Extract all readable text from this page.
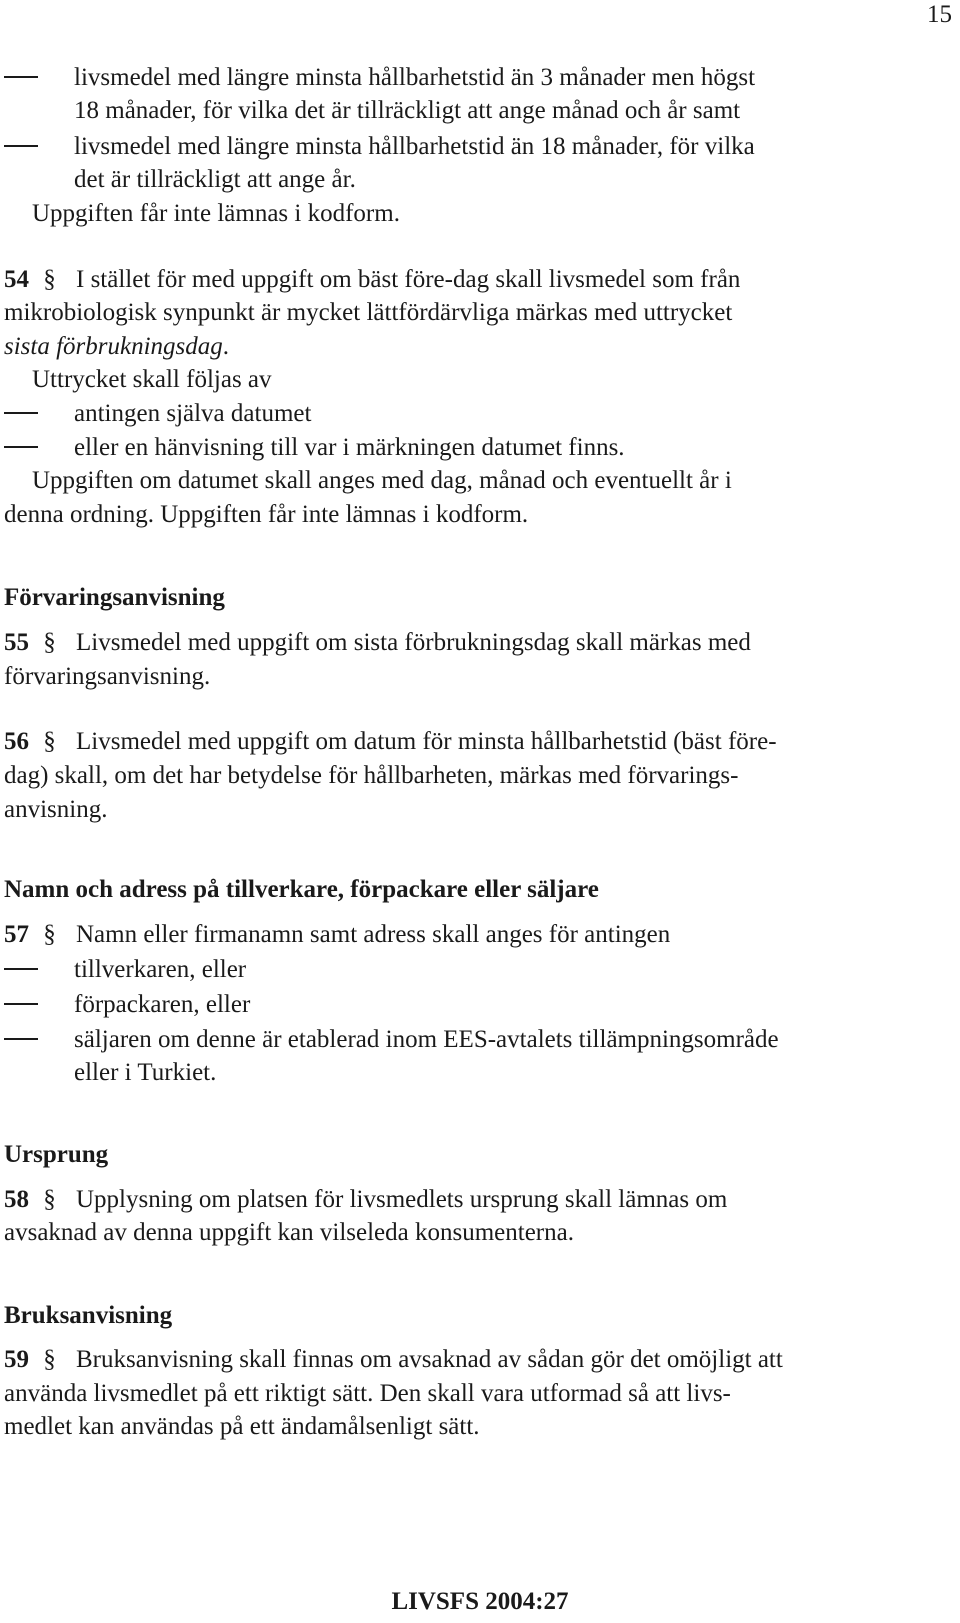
15
livsmedel med längre minsta hållbarhetstid än 3 månader men högst
18 månader, för vilka det är tillräckligt att ange månad och år samt
livsmedel med längre minsta hållbarhetstid än 18 månader, för vilka
det är tillräckligt att ange år.
Uppgiften får inte lämnas i kodform.
54 § I stället för med uppgift om bäst före-dag skall livsmedel som från
mikrobiologisk synpunkt är mycket lättfördärvliga märkas med uttrycket
sista förbrukningsdag.
Uttrycket skall följas av
antingen själva datumet
eller en hänvisning till var i märkningen datumet finns.
Uppgiften om datumet skall anges med dag, månad och eventuellt år i
denna ordning. Uppgiften får inte lämnas i kodform.
Förvaringsanvisning
55 § Livsmedel med uppgift om sista förbrukningsdag skall märkas med
förvaringsanvisning.
56 § Livsmedel med uppgift om datum för minsta hållbarhetstid (bäst före-
dag) skall, om det har betydelse för hållbarheten, märkas med förvarings-
anvisning.
Namn och adress på tillverkare, förpackare eller säljare
57 § Namn eller firmanamn samt adress skall anges för antingen
tillverkaren, eller
förpackaren, eller
säljaren om denne är etablerad inom EES-avtalets tillämpningsområde
eller i Turkiet.
Ursprung
58 § Upplysning om platsen för livsmedlets ursprung skall lämnas om
avsaknad av denna uppgift kan vilseleda konsumenterna.
Bruksanvisning
59 § Bruksanvisning skall finnas om avsaknad av sådan gör det omöjligt att
använda livsmedlet på ett riktigt sätt. Den skall vara utformad så att livs-
medlet kan användas på ett ändamålsenligt sätt.
LIVSFS 2004:27
